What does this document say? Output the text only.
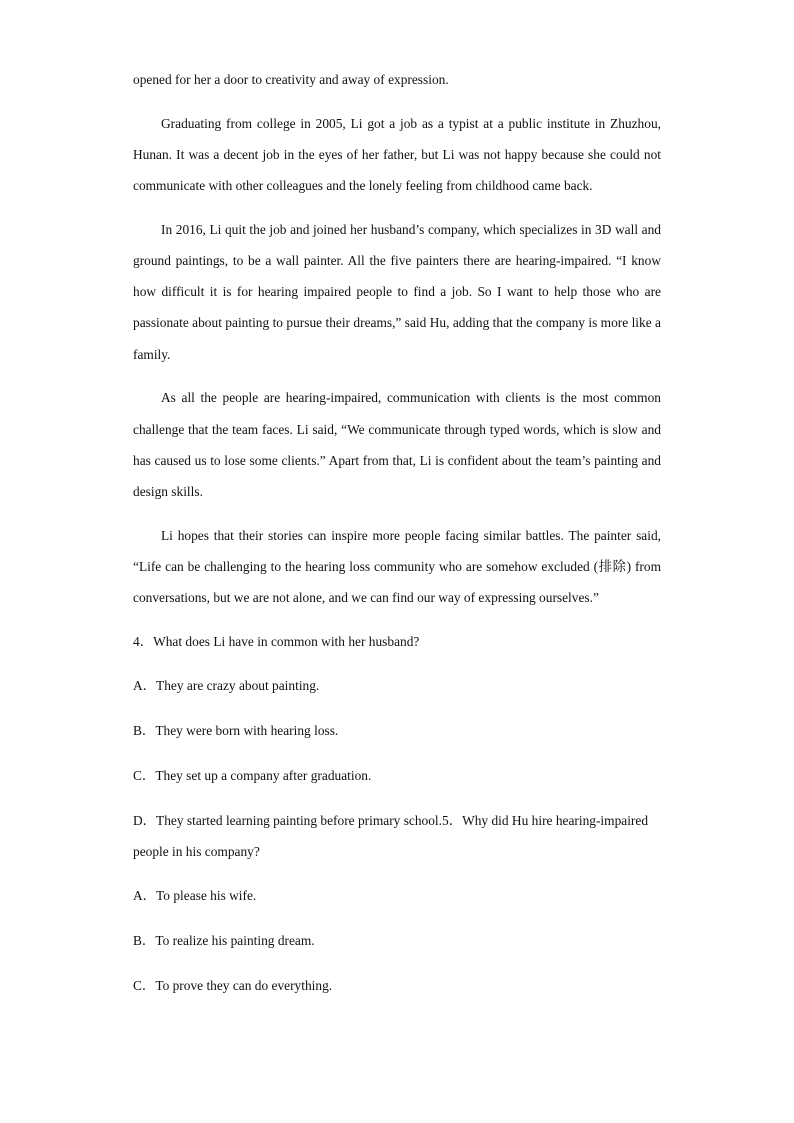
opened for her a door to creativity and away of expression.

Graduating from college in 2005, Li got a job as a typist at a public institute in Zhuzhou, Hunan. It was a decent job in the eyes of her father, but Li was not happy because she could not communicate with other colleagues and the lonely feeling from childhood came back.

In 2016, Li quit the job and joined her husband’s company, which specializes in 3D wall and ground paintings, to be a wall painter. All the five painters there are hearing-impaired. “I know how difficult it is for hearing impaired people to find a job. So I want to help those who are passionate about painting to pursue their dreams,” said Hu, adding that the company is more like a family.

As all the people are hearing-impaired, communication with clients is the most common challenge that the team faces. Li said, “We communicate through typed words, which is slow and has caused us to lose some clients.” Apart from that, Li is confident about the team’s painting and design skills.

Li hopes that their stories can inspire more people facing similar battles. The painter said, “Life can be challenging to the hearing loss community who are somehow excluded (排除) from conversations, but we are not alone, and we can find our way of expressing ourselves.”

4．What does Li have in common with her husband?
A．They are crazy about painting.
B．They were born with hearing loss.
C．They set up a company after graduation.
D．They started learning painting before primary school.5．Why did Hu hire hearing-impaired people in his company?
A．To please his wife.
B．To realize his painting dream.
C．To prove they can do everything.
